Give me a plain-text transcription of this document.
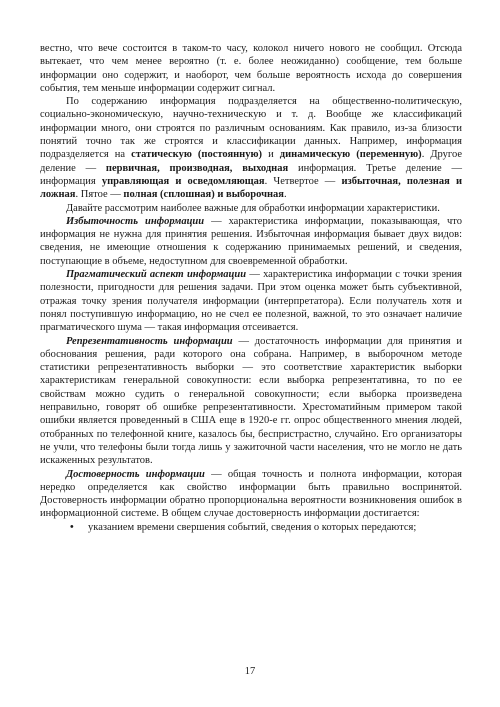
вестно, что вече состоится в таком-то часу, колокол ничего нового не сообщил. Отсюда вытекает, что чем менее вероятно (т. е. более неожиданно) сообщение, тем больше информации оно содержит, и наоборот, чем больше вероятность исхода до совершения события, тем меньше информации содержит сигнал.

По содержанию информация подразделяется на общественно-политическую, социально-экономическую, научно-техническую и т. д. Вообще же классификаций информации много, они строятся по различным основаниям. Как правило, из-за близости понятий точно так же строятся и классификации данных. Например, информация подразделяется на статическую (постоянную) и динамическую (переменную). Другое деление — первичная, производная, выходная информация. Третье деление — информация управляющая и осведомляющая. Четвертое — избыточная, полезная и ложная. Пятое — полная (сплошная) и выборочная.

Давайте рассмотрим наиболее важные для обработки информации характеристики.

Избыточность информации — характеристика информации, показывающая, что информация не нужна для принятия решения. Избыточная информация бывает двух видов: сведения, не имеющие отношения к содержанию принимаемых решений, и сведения, поступающие в объеме, недоступном для своевременной обработки.

Прагматический аспект информации — характеристика информации с точки зрения полезности, пригодности для решения задачи. При этом оценка может быть субъективной, отражая точку зрения получателя информации (интерпретатора). Если получатель хотя и понял поступившую информацию, но не счел ее полезной, важной, то это означает наличие прагматического шума — такая информация отсеивается.

Репрезентативность информации — достаточность информации для принятия и обоснования решения, ради которого она собрана. Например, в выборочном методе статистики репрезентативность выборки — это соответствие характеристик выборки характеристикам генеральной совокупности: если выборка репрезентативна, то по ее свойствам можно судить о генеральной совокупности; если выборка произведена неправильно, говорят об ошибке репрезентативности. Хрестоматийным примером такой ошибки является проведенный в США еще в 1920-е гг. опрос общественного мнения людей, отобранных по телефонной книге, казалось бы, беспристрастно, случайно. Его организаторы не учли, что телефоны были тогда лишь у зажиточной части населения, что не могло не дать искаженных результатов.

Достоверность информации — общая точность и полнота информации, которая нередко определяется как свойство информации быть правильно воспринятой. Достоверность информации обратно пропорциональна вероятности возникновения ошибок в информационной системе. В общем случае достоверность информации достигается:

•	указанием времени свершения событий, сведения о которых передаются;
17
